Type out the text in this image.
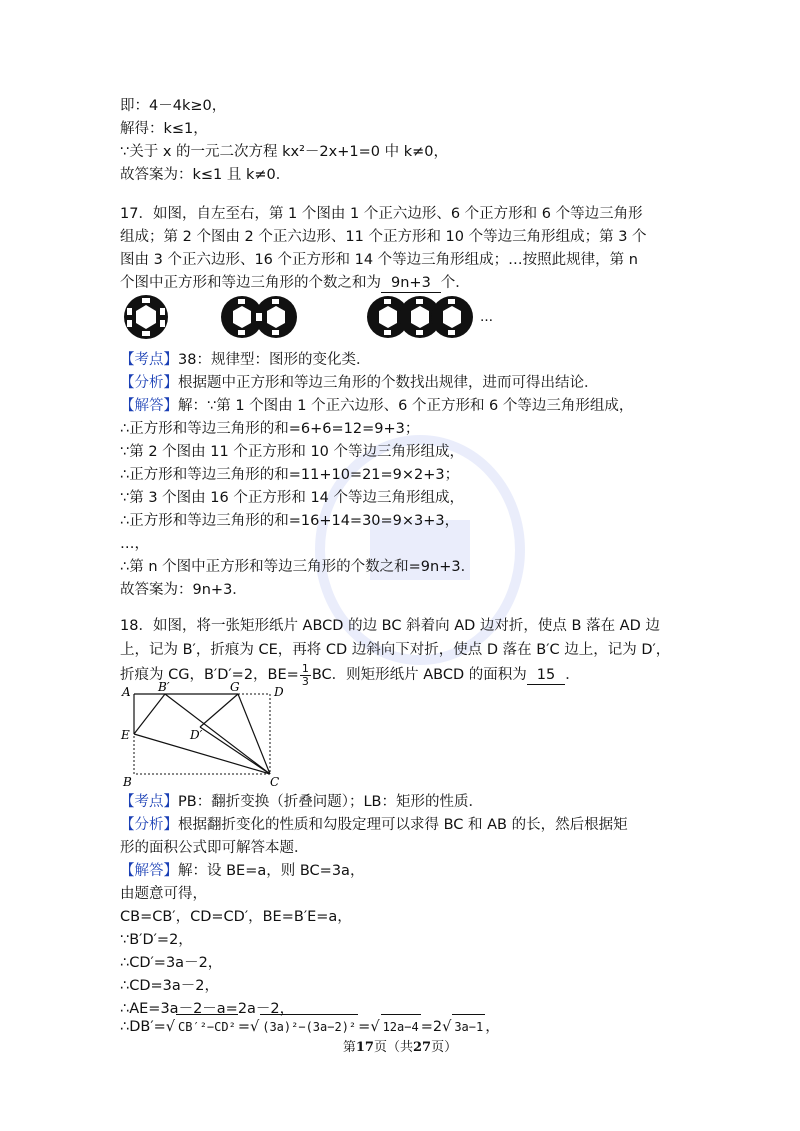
即：4－4k≥0，
解得：k≤1，
∵关于 x 的一元二次方程 kx²－2x+1=0 中 k≠0，
故答案为：k≤1 且 k≠0．
17．如图，自左至右，第 1 个图由 1 个正六边形、6 个正方形和 6 个等边三角形
组成；第 2 个图由 2 个正六边形、11 个正方形和 10 个等边三角形组成；第 3 个
图由 3 个正六边形、16 个正方形和 14 个等边三角形组成；…按照此规律，第 n
个图中正方形和等边三角形的个数之和为 9n+3 个．
…
【考点】38：规律型：图形的变化类．
【分析】根据题中正方形和等边三角形的个数找出规律，进而可得出结论．
【解答】解：∵第 1 个图由 1 个正六边形、6 个正方形和 6 个等边三角形组成，
∴正方形和等边三角形的和=6+6=12=9+3；
∵第 2 个图由 11 个正方形和 10 个等边三角形组成，
∴正方形和等边三角形的和=11+10=21=9×2+3；
∵第 3 个图由 16 个正方形和 14 个等边三角形组成，
∴正方形和等边三角形的和=16+14=30=9×3+3，
…，
∴第 n 个图中正方形和等边三角形的个数之和=9n+3．
故答案为：9n+3．
18．如图，将一张矩形纸片 ABCD 的边 BC 斜着向 AD 边对折，使点 B 落在 AD 边
上，记为 B′，折痕为 CE，再将 CD 边斜向下对折，使点 D 落在 B′C 边上，记为 D′，
折痕为 CG，B′D′=2，$BE= \frac{1}{3}$ BC．则矩形纸片 ABCD 的面积为 15 ．
A B′	G	D
E	D′
B	C
【考点】PB：翻折变换（折叠问题）；LB：矩形的性质．
【分析】根据翻折变化的性质和勾股定理可以求得 BC 和 AB 的长，然后根据矩
形的面积公式即可解答本题．
【解答】解：设 BE=a，则 BC=3a，
由题意可得，
CB=CB′，CD=CD′，BE=B′E=a，
∵B′D′=2，
∴CD′=3a－2，
∴CD=3a－2，
∴AE=3a－2－a=2a－2，
∴DB′=√ CB′²−CD² =√ (3a)²−(3a−2)² =√ 12a−4 =2√ 3a−1 ，
第17页（共27页）
